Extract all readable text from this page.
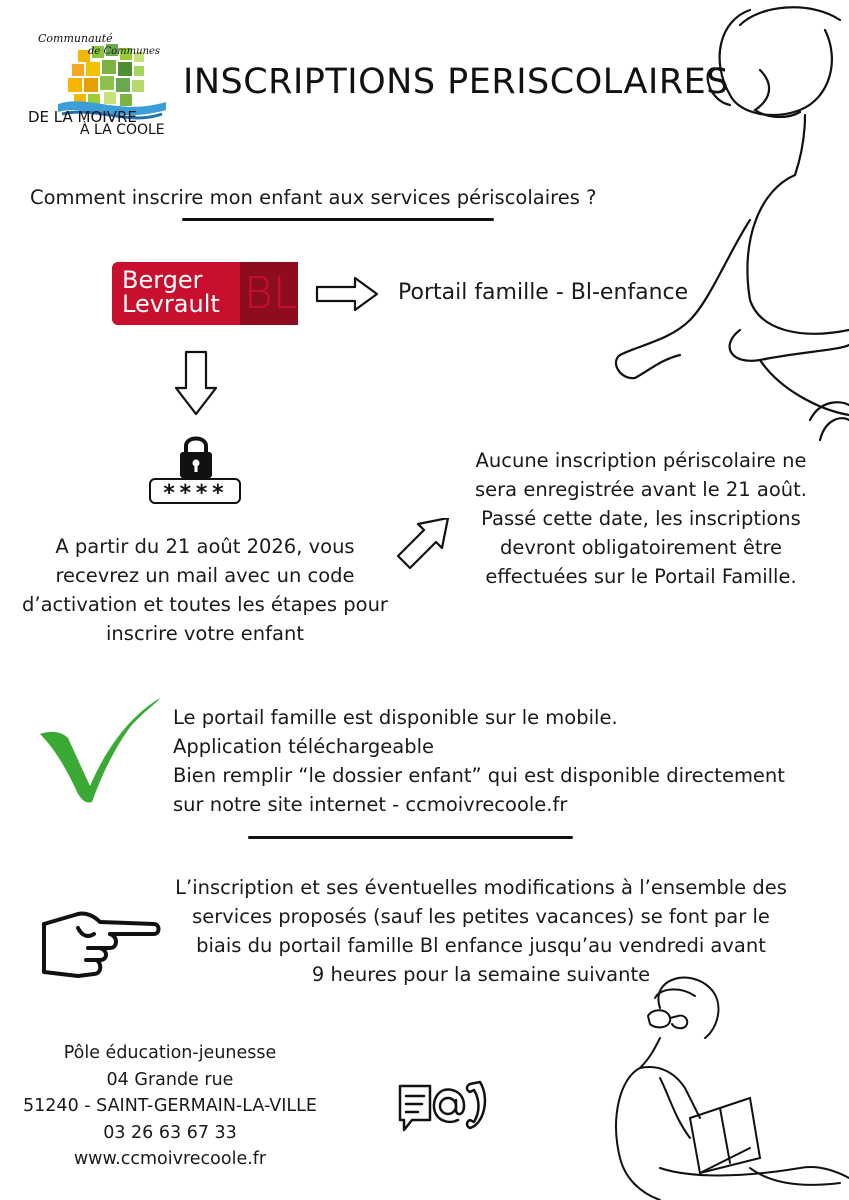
Communauté
de Communes
DE LA MOIVRE
À LA COOLE
INSCRIPTIONS PERISCOLAIRES
Comment inscrire mon enfant aux services périscolaires ?
Berger
Levrault BL	Portail famille - Bl-enfance
****
A partir du 21 août 2026, vous
recevrez un mail avec un code
d’activation et toutes les étapes pour
inscrire votre enfant
Aucune inscription périscolaire ne
sera enregistrée avant le 21 août.
Passé cette date, les inscriptions
devront obligatoirement être
effectuées sur le Portail Famille.
Le portail famille est disponible sur le mobile.
Application téléchargeable
Bien remplir “le dossier enfant” qui est disponible directement
sur notre site internet - ccmoivrecoole.fr
L’inscription et ses éventuelles modifications à l’ensemble des
services proposés (sauf les petites vacances) se font par le
biais du portail famille Bl enfance jusqu’au vendredi avant
9 heures pour la semaine suivante
Pôle éducation-jeunesse
04 Grande rue
51240 - SAINT-GERMAIN-LA-VILLE
03 26 63 67 33
www.ccmoivrecoole.fr
